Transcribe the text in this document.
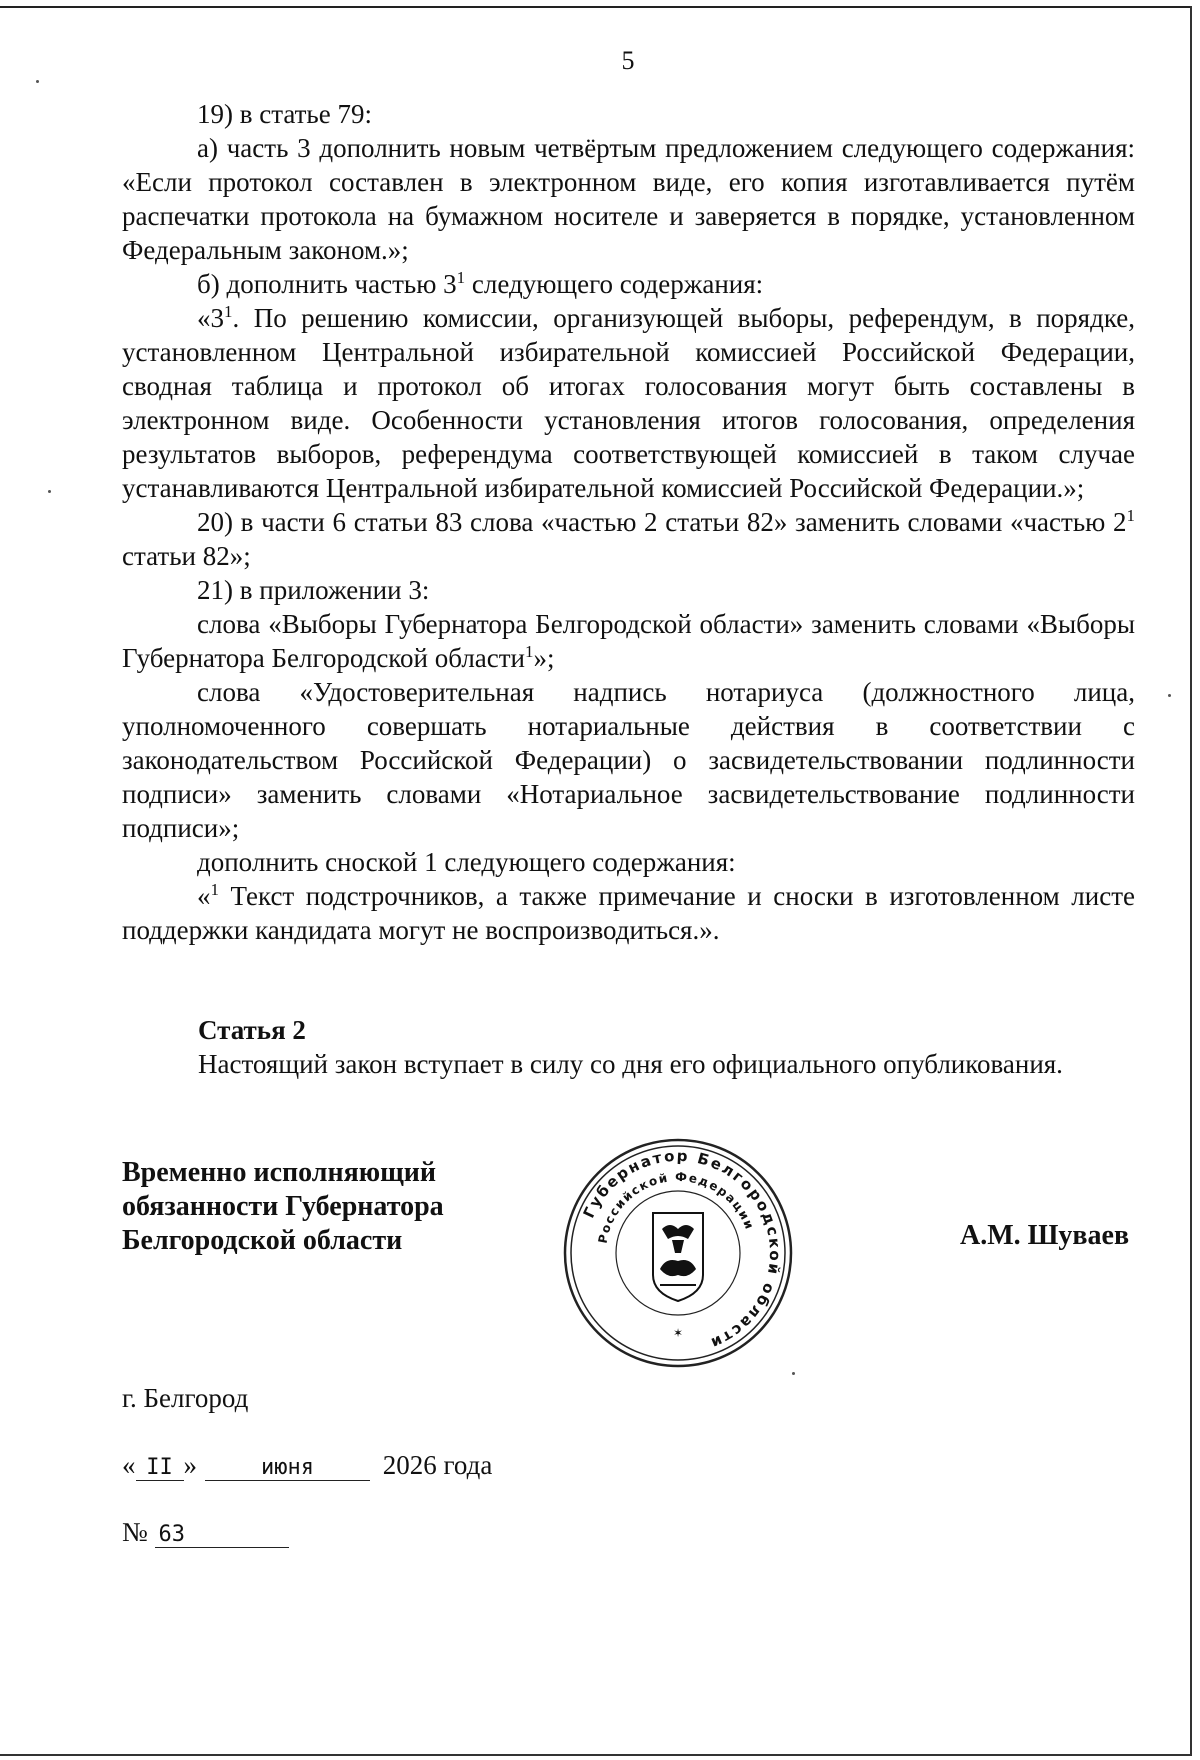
5

19) в статье 79:

а) часть 3 дополнить новым четвёртым предложением следующего содержания: «Если протокол составлен в электронном виде, его копия изготавливается путём распечатки протокола на бумажном носителе и заверяется в порядке, установленном Федеральным законом.»;

б) дополнить частью $3^1$ следующего содержания:

«$3^1$. По решению комиссии, организующей выборы, референдум, в порядке, установленном Центральной избирательной комиссией Российской Федерации, сводная таблица и протокол об итогах голосования могут быть составлены в электронном виде. Особенности установления итогов голосования, определения результатов выборов, референдума соответствующей комиссией в таком случае устанавливаются Центральной избирательной комиссией Российской Федерации.»;

20) в части 6 статьи 83 слова «частью 2 статьи 82» заменить словами «частью $2^1$ статьи 82»;

21) в приложении 3:

слова «Выборы Губернатора Белгородской области» заменить словами «Выборы Губернатора Белгородской области$^1$»;

слова «Удостоверительная надпись нотариуса (должностного лица, уполномоченного совершать нотариальные действия в соответствии с законодательством Российской Федерации) о засвидетельствовании подлинности подписи» заменить словами «Нотариальное засвидетельствование подлинности подписи»;

дополнить сноской 1 следующего содержания:

«$^1$ Текст подстрочников, а также примечание и сноски в изготовленном листе поддержки кандидата могут не воспроизводиться.».

Статья 2
Настоящий закон вступает в силу со дня его официального опубликования.
Временно исполняющий
обязанности Губернатора
Белгородской области
Губернатор Белгородской области
Российской Федерации
✶
А.М. Шуваев
г. Белгород
« II »	июня	2026 года
№ 63
